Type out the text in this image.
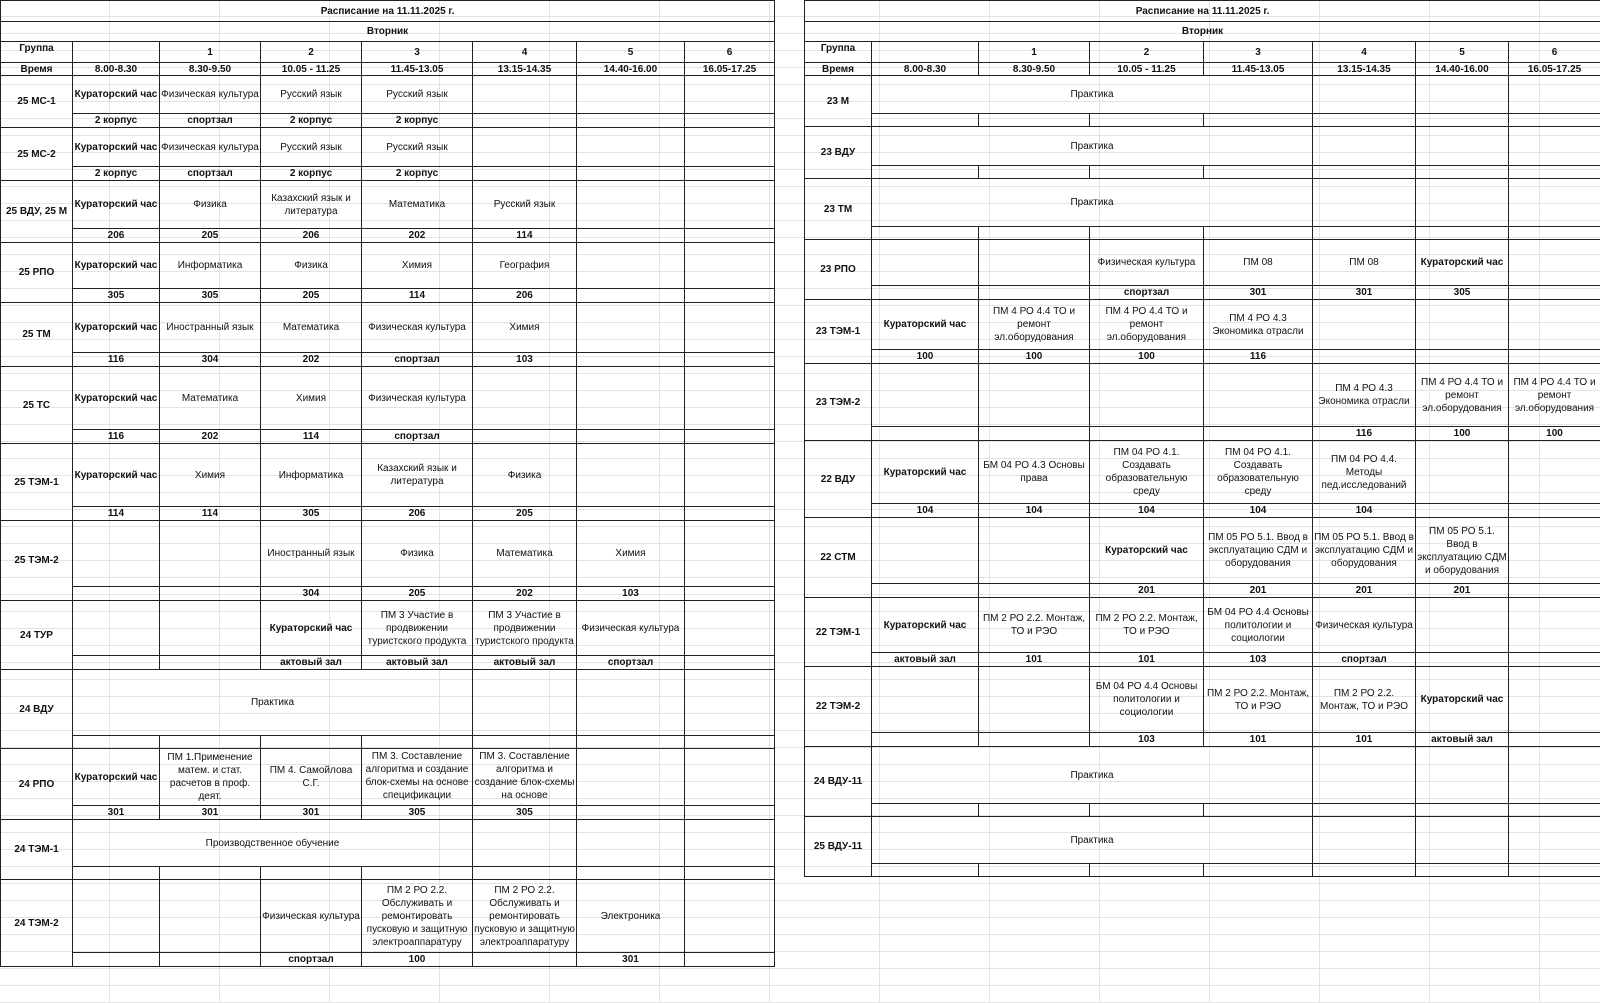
Расписание на 11.11.2025 г.							
Вторник							
Группа		1	2	3	4	5	6
Время	8.00-8.30	8.30-9.50	10.05 - 11.25	11.45-13.05	13.15-14.35	14.40-16.00	16.05-17.25
25 МС-1	Кураторский час	Физическая культура	Русский язык	Русский язык			

	2 корпус	спортзал	2 корпус	2 корпус			
25 МС-2	Кураторский час	Физическая культура	Русский язык	Русский язык			

	2 корпус	спортзал	2 корпус	2 корпус			
25 ВДУ, 25 М	Кураторский час	Физика	Казахский язык и литература	Математика	Русский язык		

	206	205	206	202	114		
25 РПО	Кураторский час	Информатика	Физика	Химия	География		

	305	305	205	114	206		
25 ТМ	Кураторский час	Иностранный язык	Математика	Физическая культура	Химия		

	116	304	202	спортзал	103		
25 ТС	Кураторский час	Математика	Химия	Физическая культура			

	116	202	114	спортзал			
25 ТЭМ-1	Кураторский час	Химия	Информатика	Казахский язык и литература	Физика		

	114	114	305	206	205		
25 ТЭМ-2			Иностранный язык	Физика	Математика	Химия	

			304	205	202	103	
24 ТУР			Кураторский час	ПМ 3 Участие в продвижении туристского продукта	ПМ 3 Участие в продвижении туристского продукта	Физическая культура	

			актовый зал	актовый зал	актовый зал	спортзал	
24 ВДУ	Практика						

24 РПО	Кураторский час	ПМ 1.Применение матем. и стат. расчетов в проф. деят.	ПМ 4. Самойлова С.Г.	ПМ 3. Составление алгоритма и создание блок-схемы на основе спецификации	ПМ 3. Составление алгоритма и создание блок-схемы на основе		

	301	301	301	305	305		
24 ТЭМ-1	Производственное обучение						

24 ТЭМ-2			Физическая культура	ПМ 2 РО 2.2. Обслуживать и ремонтировать пусковую и защитную электроаппаратуру	ПМ 2 РО 2.2. Обслуживать и ремонтировать пусковую и защитную электроаппаратуру	Электроника	

			спортзал	100		301	
Расписание на 11.11.2025 г.							
Вторник							
Группа		1	2	3	4	5	6
Время	8.00-8.30	8.30-9.50	10.05 - 11.25	11.45-13.05	13.15-14.35	14.40-16.00	16.05-17.25
23 М	Практика						

23 ВДУ	Практика						

23 ТМ	Практика						

23 РПО			Физическая культура	ПМ 08	ПМ 08	Кураторский час	

			спортзал	301	301	305	
23 ТЭМ-1	Кураторский час	ПМ 4 РО 4.4 ТО и ремонт эл.оборудования	ПМ 4 РО 4.4 ТО и ремонт эл.оборудования	ПМ 4 РО 4.3 Экономика отрасли			

	100	100	100	116			
23 ТЭМ-2					ПМ 4 РО 4.3 Экономика отрасли	ПМ 4 РО 4.4 ТО и ремонт эл.оборудования	ПМ 4 РО 4.4 ТО и ремонт эл.оборудования

					116	100	100
22 ВДУ	Кураторский час	БМ 04 РО 4.3 Основы права	ПМ 04 РО 4.1. Создавать образовательную среду	ПМ 04 РО 4.1. Создавать образовательную среду	ПМ 04 РО 4.4. Методы пед.исследований		

	104	104	104	104	104		
22 СТМ			Кураторский час	ПМ 05 РО 5.1. Ввод в эксплуатацию СДМ и оборудования	ПМ 05 РО 5.1. Ввод в эксплуатацию СДМ и оборудования	ПМ 05 РО 5.1. Ввод в эксплуатацию СДМ и оборудования	

			201	201	201	201	
22 ТЭМ-1	Кураторский час	ПМ 2 РО 2.2. Монтаж, ТО и РЭО	ПМ 2 РО 2.2. Монтаж, ТО и РЭО	БМ 04 РО 4.4 Основы политологии и социологии	Физическая культура		

	актовый зал	101	101	103	спортзал		
22 ТЭМ-2			БМ 04 РО 4.4 Основы политологии и социологии	ПМ 2 РО 2.2. Монтаж, ТО и РЭО	ПМ 2 РО 2.2. Монтаж, ТО и РЭО	Кураторский час	

			103	101	101	актовый зал	
24 ВДУ-11	Практика						

25 ВДУ-11	Практика						
